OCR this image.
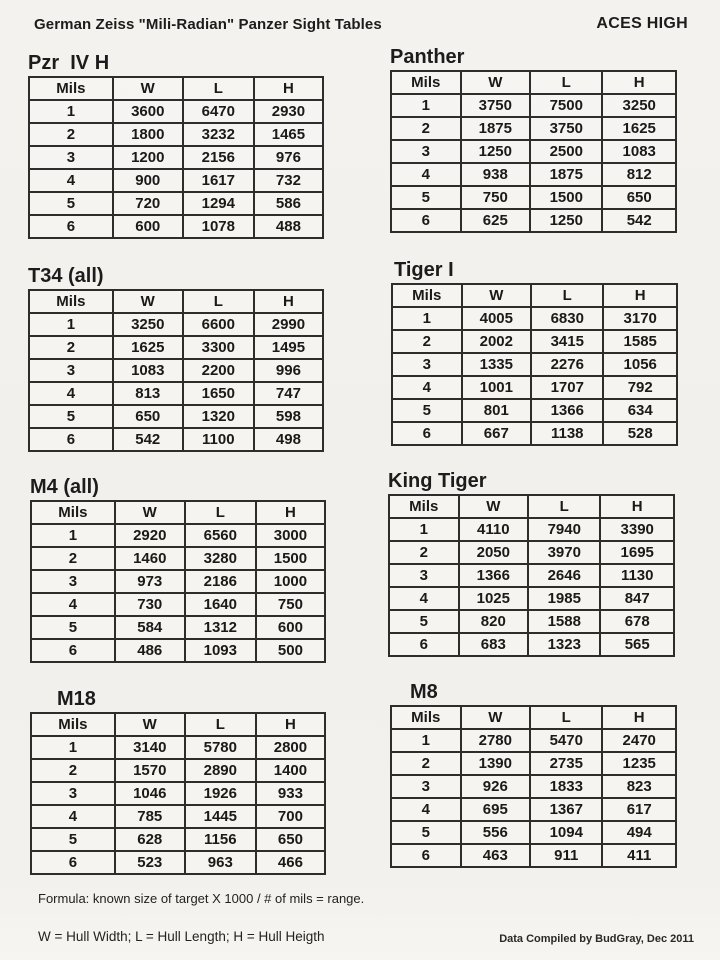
German Zeiss "Mili-Radian" Panzer Sight Tables	ACES HIGH
Pzr  IV H
Mils	W	L	H
1	3600	6470	2930
2	1800	3232	1465
3	1200	2156	976
4	900	1617	732
5	720	1294	586
6	600	1078	488
Panther
Mils	W	L	H
1	3750	7500	3250
2	1875	3750	1625
3	1250	2500	1083
4	938	1875	812
5	750	1500	650
6	625	1250	542
T34 (all)
Mils	W	L	H
1	3250	6600	2990
2	1625	3300	1495
3	1083	2200	996
4	813	1650	747
5	650	1320	598
6	542	1100	498
Tiger I
Mils	W	L	H
1	4005	6830	3170
2	2002	3415	1585
3	1335	2276	1056
4	1001	1707	792
5	801	1366	634
6	667	1138	528
M4 (all)
Mils	W	L	H
1	2920	6560	3000
2	1460	3280	1500
3	973	2186	1000
4	730	1640	750
5	584	1312	600
6	486	1093	500
King Tiger
Mils	W	L	H
1	4110	7940	3390
2	2050	3970	1695
3	1366	2646	1130
4	1025	1985	847
5	820	1588	678
6	683	1323	565
M18
Mils	W	L	H
1	3140	5780	2800
2	1570	2890	1400
3	1046	1926	933
4	785	1445	700
5	628	1156	650
6	523	963	466
M8
Mils	W	L	H
1	2780	5470	2470
2	1390	2735	1235
3	926	1833	823
4	695	1367	617
5	556	1094	494
6	463	911	411
Formula: known size of target X 1000 / # of mils = range.
W = Hull Width; L = Hull Length; H = Hull Heigth	Data Compiled by BudGray, Dec 2011
